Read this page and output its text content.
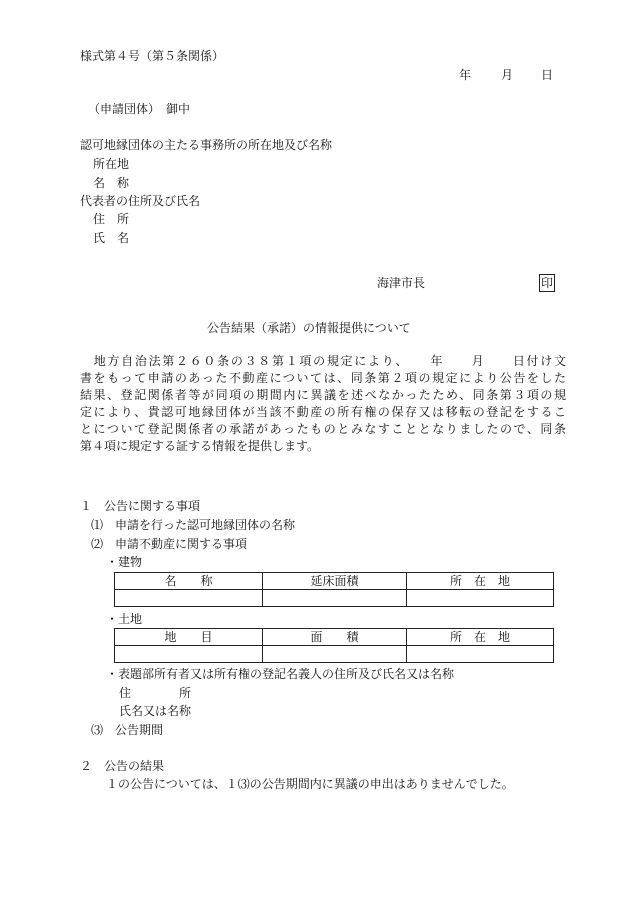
様式第４号（第５条関係）
年 月 日
（申請団体）　御中
認可地縁団体の主たる事務所の所在地及び名称
所在地
名　称
代表者の住所及び氏名
住　所
氏　名
海津市長	印
公告結果（承諾）の情報提供について
　地方自治法第２６０条の３８第１項の規定により、　　年　　月　　日付け文
書をもって申請のあった不動産については、同条第２項の規定により公告をした
結果、登記関係者等が同項の期間内に異議を述べなかったため、同条第３項の規
定により、貴認可地縁団体が当該不動産の所有権の保存又は移転の登記をするこ
とについて登記関係者の承諾があったものとみなすこととなりましたので、同条
第４項に規定する証する情報を提供します。
１　公告に関する事項
⑴　申請を行った認可地縁団体の名称
⑵　申請不動産に関する事項
・建物
名　　称	延床面積	所　在　地

・土地
地　　目	面　　積	所　在　地

・表題部所有者又は所有権の登記名義人の住所及び氏名又は名称
住　　　　所
氏名又は名称
⑶　公告期間
２　公告の結果
１の公告については、１⑶の公告期間内に異議の申出はありませんでした。
